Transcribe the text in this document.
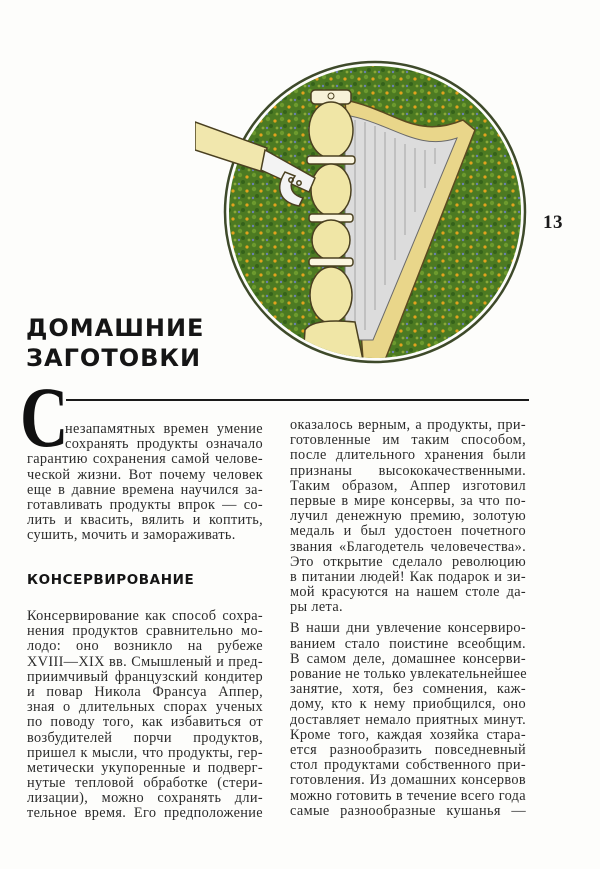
13
ДОМАШНИЕ
ЗАГОТОВКИ
С
незапамятных времен умение
сохранять продукты означало
гарантию сохранения самой челове-
ческой жизни. Вот почему человек
еще в давние времена научился за-
готавливать продукты впрок — со-
лить и квасить, вялить и коптить,
сушить, мочить и замораживать.
КОНСЕРВИРОВАНИЕ
Консервирование как способ сохра-
нения продуктов сравнительно мо-
лодо: оно возникло на рубеже
XVIII—XIX вв. Смышленый и пред-
приимчивый французский кондитер
и повар Никола Франсуа Аппер,
зная о длительных спорах ученых
по поводу того, как избавиться от
возбудителей порчи продуктов,
пришел к мысли, что продукты, гер-
метически укупоренные и подверг-
нутые тепловой обработке (стери-
лизации), можно сохранять дли-
тельное время. Его предположение
оказалось верным, а продукты, при-
готовленные им таким способом,
после длительного хранения были
признаны высококачественными.
Таким образом, Аппер изготовил
первые в мире консервы, за что по-
лучил денежную премию, золотую
медаль и был удостоен почетного
звания «Благодетель человечества».
Это открытие сделало революцию
в питании людей! Как подарок и зи-
мой красуются на нашем столе да-
ры лета.
В наши дни увлечение консервиро-
ванием стало поистине всеобщим.
В самом деле, домашнее консерви-
рование не только увлекательнейшее
занятие, хотя, без сомнения, каж-
дому, кто к нему приобщился, оно
доставляет немало приятных минут.
Кроме того, каждая хозяйка стара-
ется разнообразить повседневный
стол продуктами собственного при-
готовления. Из домашних консервов
можно готовить в течение всего года
самые разнообразные кушанья —
